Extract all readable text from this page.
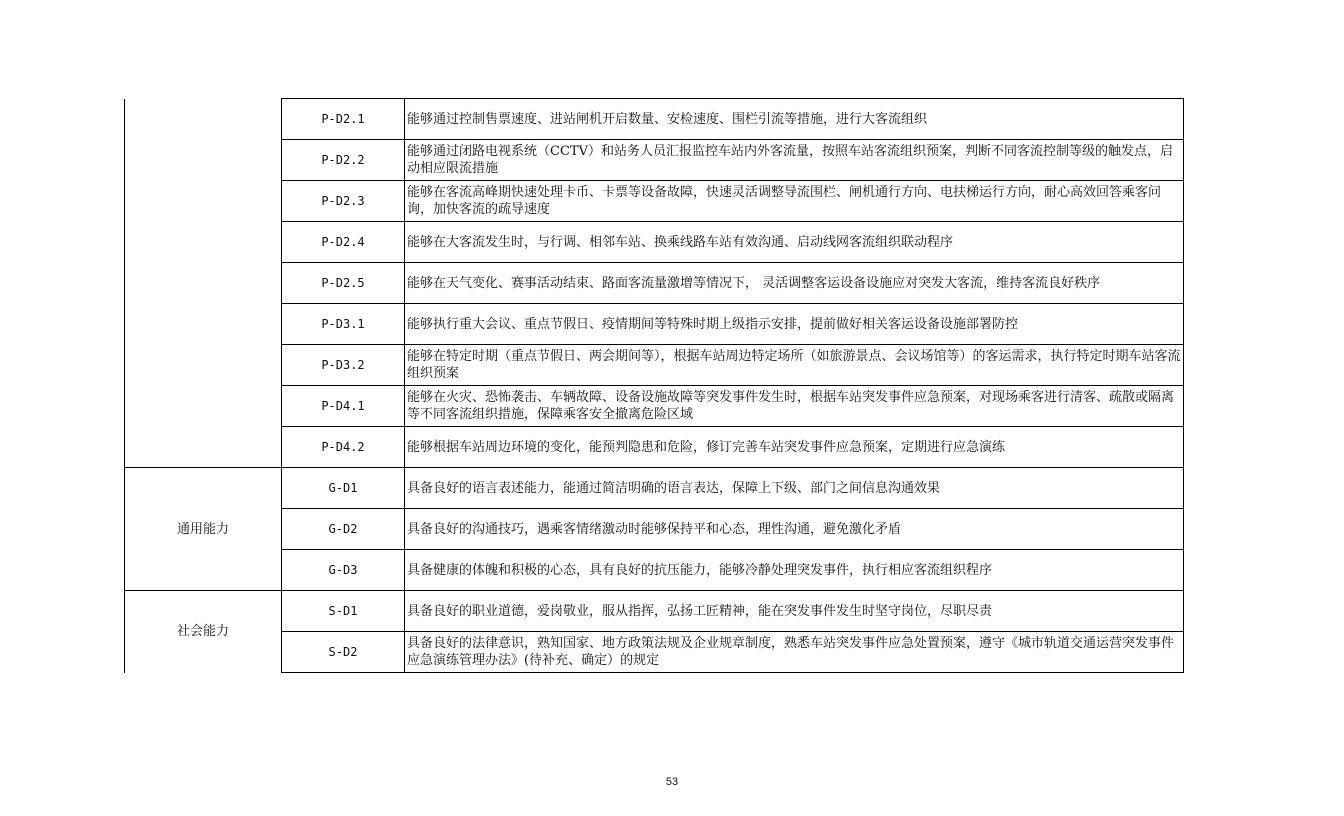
	P-D2.1	能够通过控制售票速度、进站闸机开启数量、安检速度、围栏引流等措施，进行大客流组织
	P-D2.2	能够通过闭路电视系统（CCTV）和站务人员汇报监控车站内外客流量，按照车站客流组织预案，判断不同客流控制等级的触发点，启动相应限流措施
	P-D2.3	能够在客流高峰期快速处理卡币、卡票等设备故障，快速灵活调整导流围栏、闸机通行方向、电扶梯运行方向，耐心高效回答乘客问询，加快客流的疏导速度
	P-D2.4	能够在大客流发生时，与行调、相邻车站、换乘线路车站有效沟通、启动线网客流组织联动程序
	P-D2.5	能够在天气变化、赛事活动结束、路面客流量激增等情况下， 灵活调整客运设备设施应对突发大客流，维持客流良好秩序
	P-D3.1	能够执行重大会议、重点节假日、疫情期间等特殊时期上级指示安排，提前做好相关客运设备设施部署防控
	P-D3.2	能够在特定时期（重点节假日、两会期间等），根据车站周边特定场所（如旅游景点、会议场馆等）的客运需求，执行特定时期车站客流组织预案
	P-D4.1	能够在火灾、恐怖袭击、车辆故障、设备设施故障等突发事件发生时，根据车站突发事件应急预案，对现场乘客进行清客、疏散或隔离等不同客流组织措施，保障乘客安全撤离危险区域
	P-D4.2	能够根据车站周边环境的变化，能预判隐患和危险，修订完善车站突发事件应急预案，定期进行应急演练
通用能力	G-D1	具备良好的语言表述能力，能通过简洁明确的语言表达，保障上下级、部门之间信息沟通效果
	G-D2	具备良好的沟通技巧，遇乘客情绪激动时能够保持平和心态，理性沟通，避免激化矛盾
	G-D3	具备健康的体魄和积极的心态，具有良好的抗压能力，能够冷静处理突发事件，执行相应客流组织程序
社会能力	S-D1	具备良好的职业道德，爱岗敬业，服从指挥，弘扬工匠精神，能在突发事件发生时坚守岗位，尽职尽责
	S-D2	具备良好的法律意识，熟知国家、地方政策法规及企业规章制度，熟悉车站突发事件应急处置预案，遵守《城市轨道交通运营突发事件应急演练管理办法》(待补充、确定）的规定
53
